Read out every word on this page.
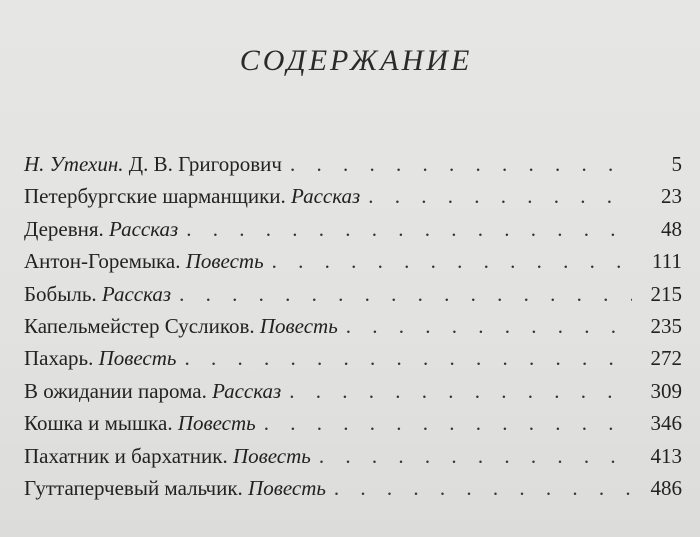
СОДЕРЖАНИЕ
Н. Утехин. Д. В. Григорович . . .	5
Петербургские шарманщики. Рассказ . . .	23
Деревня. Рассказ . . .	48
Антон-Горемыка. Повесть . . .	111
Бобыль. Рассказ . . .	215
Капельмейстер Сусликов. Повесть . . .	235
Пахарь. Повесть . . .	272
В ожидании парома. Рассказ . . .	309
Кошка и мышка. Повесть . . .	346
Пахатник и бархатник. Повесть . . .	413
Гуттаперчевый мальчик. Повесть . . .	486
